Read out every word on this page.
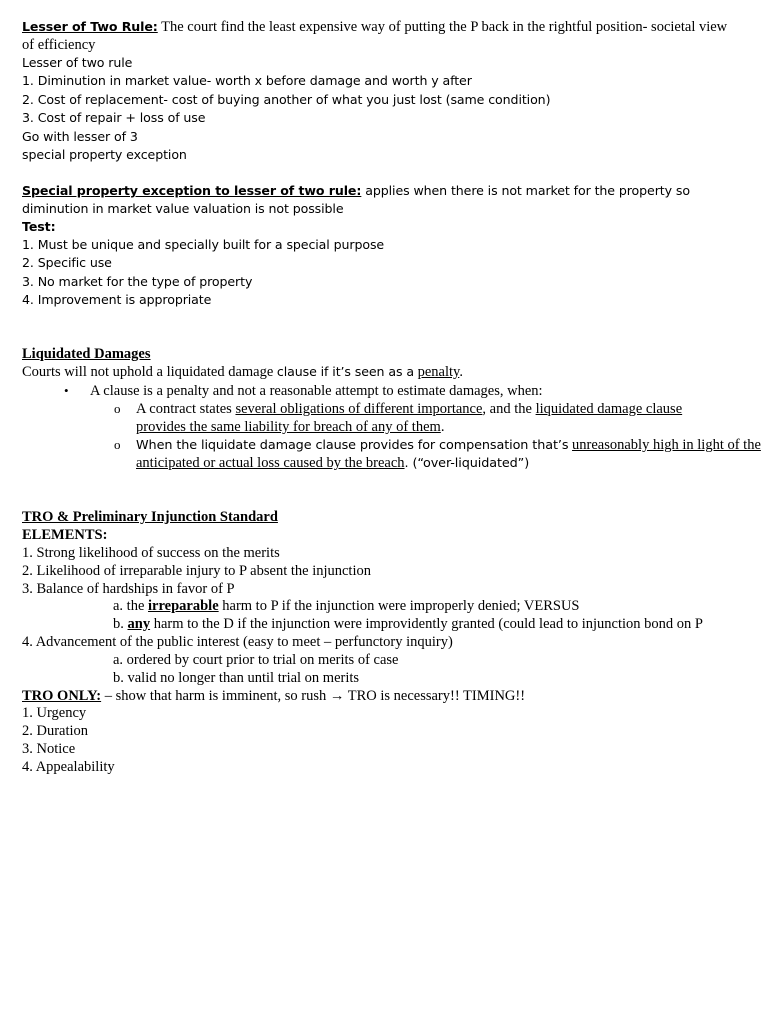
Lesser of Two Rule: The court find the least expensive way of putting the P back in the rightful position- societal view
of efficiency
Lesser of two rule
1. Diminution in market value- worth x before damage and worth y after
2. Cost of replacement- cost of buying another of what you just lost (same condition)
3. Cost of repair + loss of use
Go with lesser of 3
special property exception
Special property exception to lesser of two rule: applies when there is not market for the property so
diminution in market value valuation is not possible
Test:
1. Must be unique and specially built for a special purpose
2. Specific use
3. No market for the type of property
4. Improvement is appropriate
Liquidated Damages
Courts will not uphold a liquidated damage clause if it’s seen as a penalty.
• A clause is a penalty and not a reasonable attempt to estimate damages, when:
o A contract states several obligations of different importance, and the liquidated damage clause
provides the same liability for breach of any of them.
o When the liquidate damage clause provides for compensation that’s unreasonably high in light of the
anticipated or actual loss caused by the breach. (“over-liquidated”)
TRO & Preliminary Injunction Standard
ELEMENTS:
1. Strong likelihood of success on the merits
2. Likelihood of irreparable injury to P absent the injunction
3. Balance of hardships in favor of P
a. the irreparable harm to P if the injunction were improperly denied; VERSUS
b. any harm to the D if the injunction were improvidently granted (could lead to injunction bond on P
4. Advancement of the public interest (easy to meet – perfunctory inquiry)
a. ordered by court prior to trial on merits of case
b. valid no longer than until trial on merits
TRO ONLY: – show that harm is imminent, so rush → TRO is necessary!! TIMING!!
1. Urgency
2. Duration
3. Notice
4. Appealability
